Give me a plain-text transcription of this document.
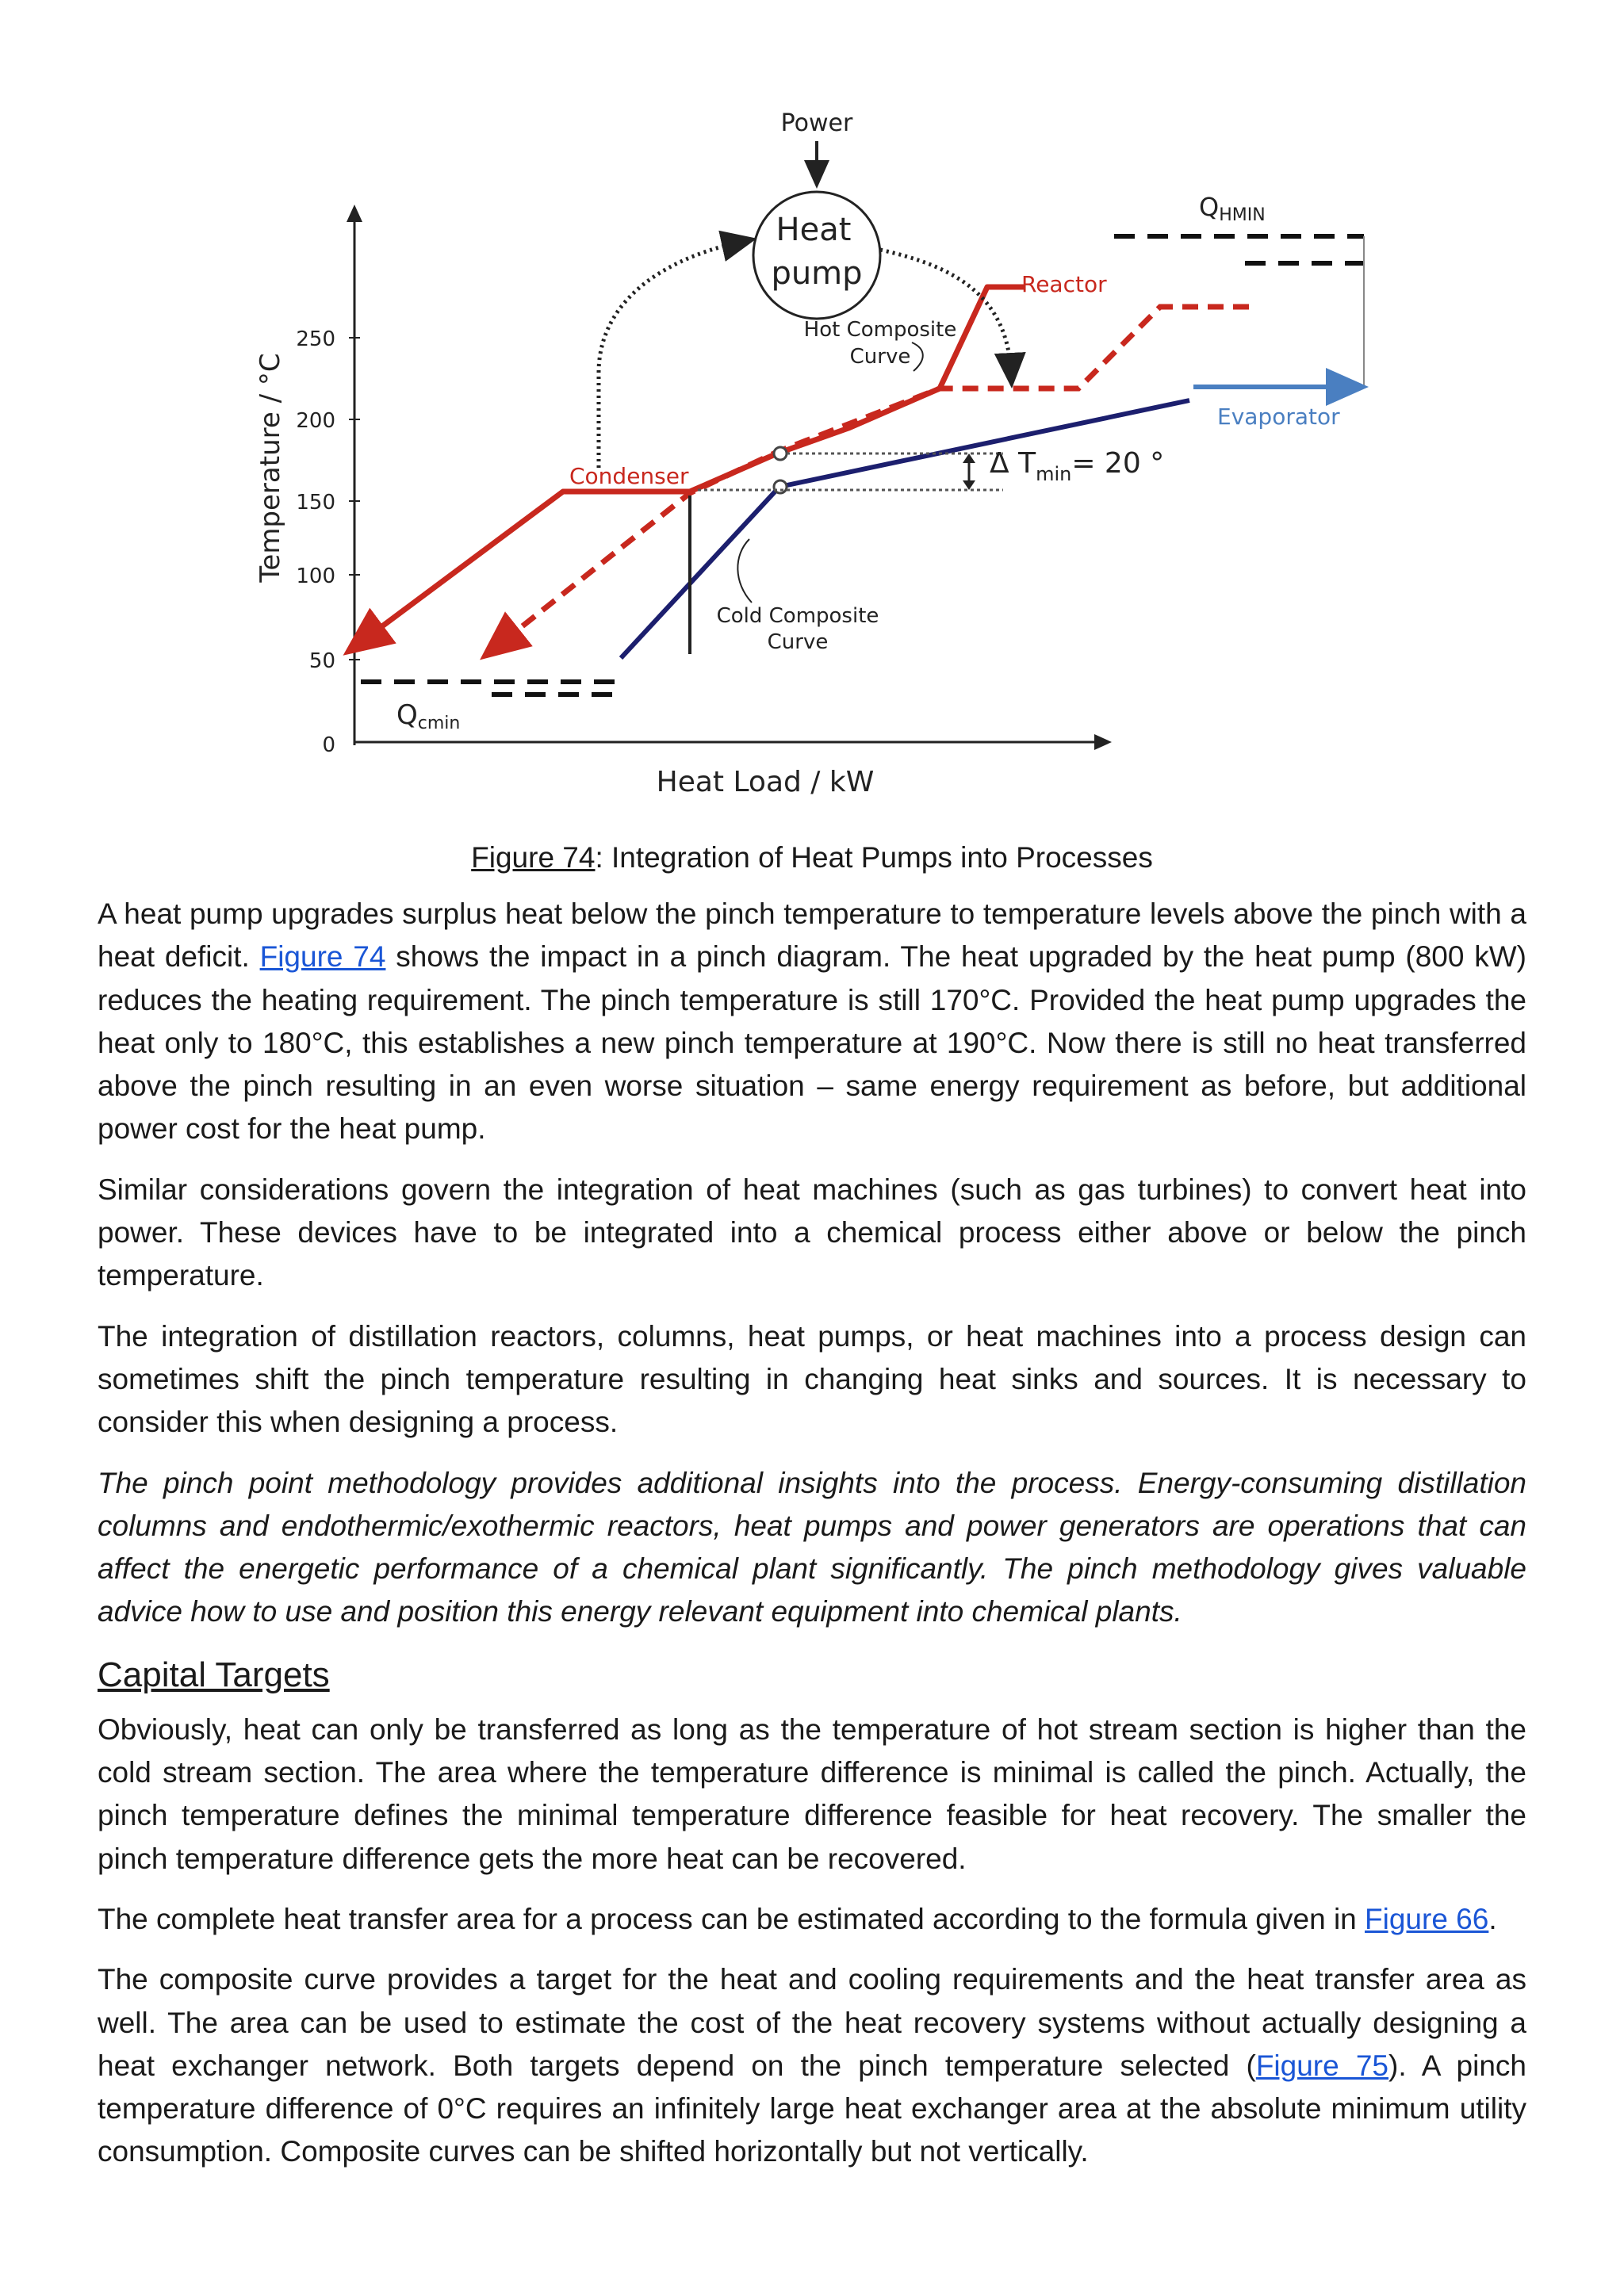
250
200
150
100
50
0
Temperature / °C
Heat Load / kW
Qcmin
QHMIN
Δ $T_{min}= 20$ °
Power
Heat
pump
Hot Composite
Curve
Reactor
Evaporator
Condenser
Cold Composite
Curve
Figure 74: Integration of Heat Pumps into Processes

A heat pump upgrades surplus heat below the pinch temperature to temperature levels above the pinch with a heat deficit. Figure 74 shows the impact in a pinch diagram. The heat upgraded by the heat pump (800 kW) reduces the heating requirement. The pinch temperature is still 170°C. Provided the heat pump upgrades the heat only to 180°C, this establishes a new pinch temperature at 190°C. Now there is still no heat transferred above the pinch resulting in an even worse situation – same energy requirement as before, but additional power cost for the heat pump.

Similar considerations govern the integration of heat machines (such as gas turbines) to convert heat into power. These devices have to be integrated into a chemical process either above or below the pinch temperature.

The integration of distillation reactors, columns, heat pumps, or heat machines into a process design can sometimes shift the pinch temperature resulting in changing heat sinks and sources. It is necessary to consider this when designing a process.

The pinch point methodology provides additional insights into the process. Energy-consuming distillation columns and endothermic/exothermic reactors, heat pumps and power generators are operations that can affect the energetic performance of a chemical plant significantly. The pinch methodology gives valuable advice how to use and position this energy relevant equipment into chemical plants.

Capital Targets

Obviously, heat can only be transferred as long as the temperature of hot stream section is higher than the cold stream section. The area where the temperature difference is minimal is called the pinch. Actually, the pinch temperature defines the minimal temperature difference feasible for heat recovery. The smaller the pinch temperature difference gets the more heat can be recovered.

The complete heat transfer area for a process can be estimated according to the formula given in Figure 66.

The composite curve provides a target for the heat and cooling requirements and the heat transfer area as well. The area can be used to estimate the cost of the heat recovery systems without actually designing a heat exchanger network. Both targets depend on the pinch temperature selected (Figure 75). A pinch temperature difference of 0°C requires an infinitely large heat exchanger area at the absolute minimum utility consumption. Composite curves can be shifted horizontally but not vertically.
